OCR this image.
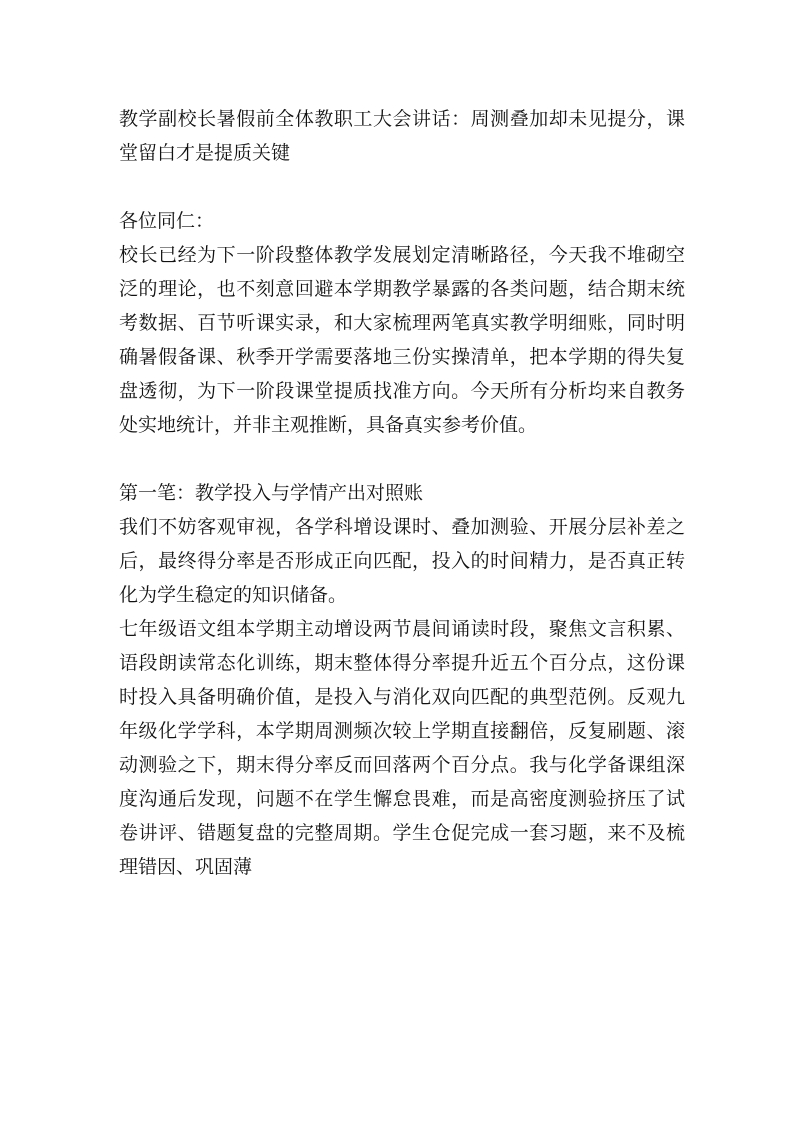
教学副校长暑假前全体教职工大会讲话：周测叠加却未见提分，课堂留白才是提质关键

各位同仁：

校长已经为下一阶段整体教学发展划定清晰路径，今天我不堆砌空泛的理论，也不刻意回避本学期教学暴露的各类问题，结合期末统考数据、百节听课实录，和大家梳理两笔真实教学明细账，同时明确暑假备课、秋季开学需要落地三份实操清单，把本学期的得失复盘透彻，为下一阶段课堂提质找准方向。今天所有分析均来自教务处实地统计，并非主观推断，具备真实参考价值。

第一笔：教学投入与学情产出对照账

我们不妨客观审视，各学科增设课时、叠加测验、开展分层补差之后，最终得分率是否形成正向匹配，投入的时间精力，是否真正转化为学生稳定的知识储备。

七年级语文组本学期主动增设两节晨间诵读时段，聚焦文言积累、语段朗读常态化训练，期末整体得分率提升近五个百分点，这份课时投入具备明确价值，是投入与消化双向匹配的典型范例。反观九年级化学学科，本学期周测频次较上学期直接翻倍，反复刷题、滚动测验之下，期末得分率反而回落两个百分点。我与化学备课组深度沟通后发现，问题不在学生懈怠畏难，而是高密度测验挤压了试卷讲评、错题复盘的完整周期。学生仓促完成一套习题，来不及梳理错因、巩固薄
